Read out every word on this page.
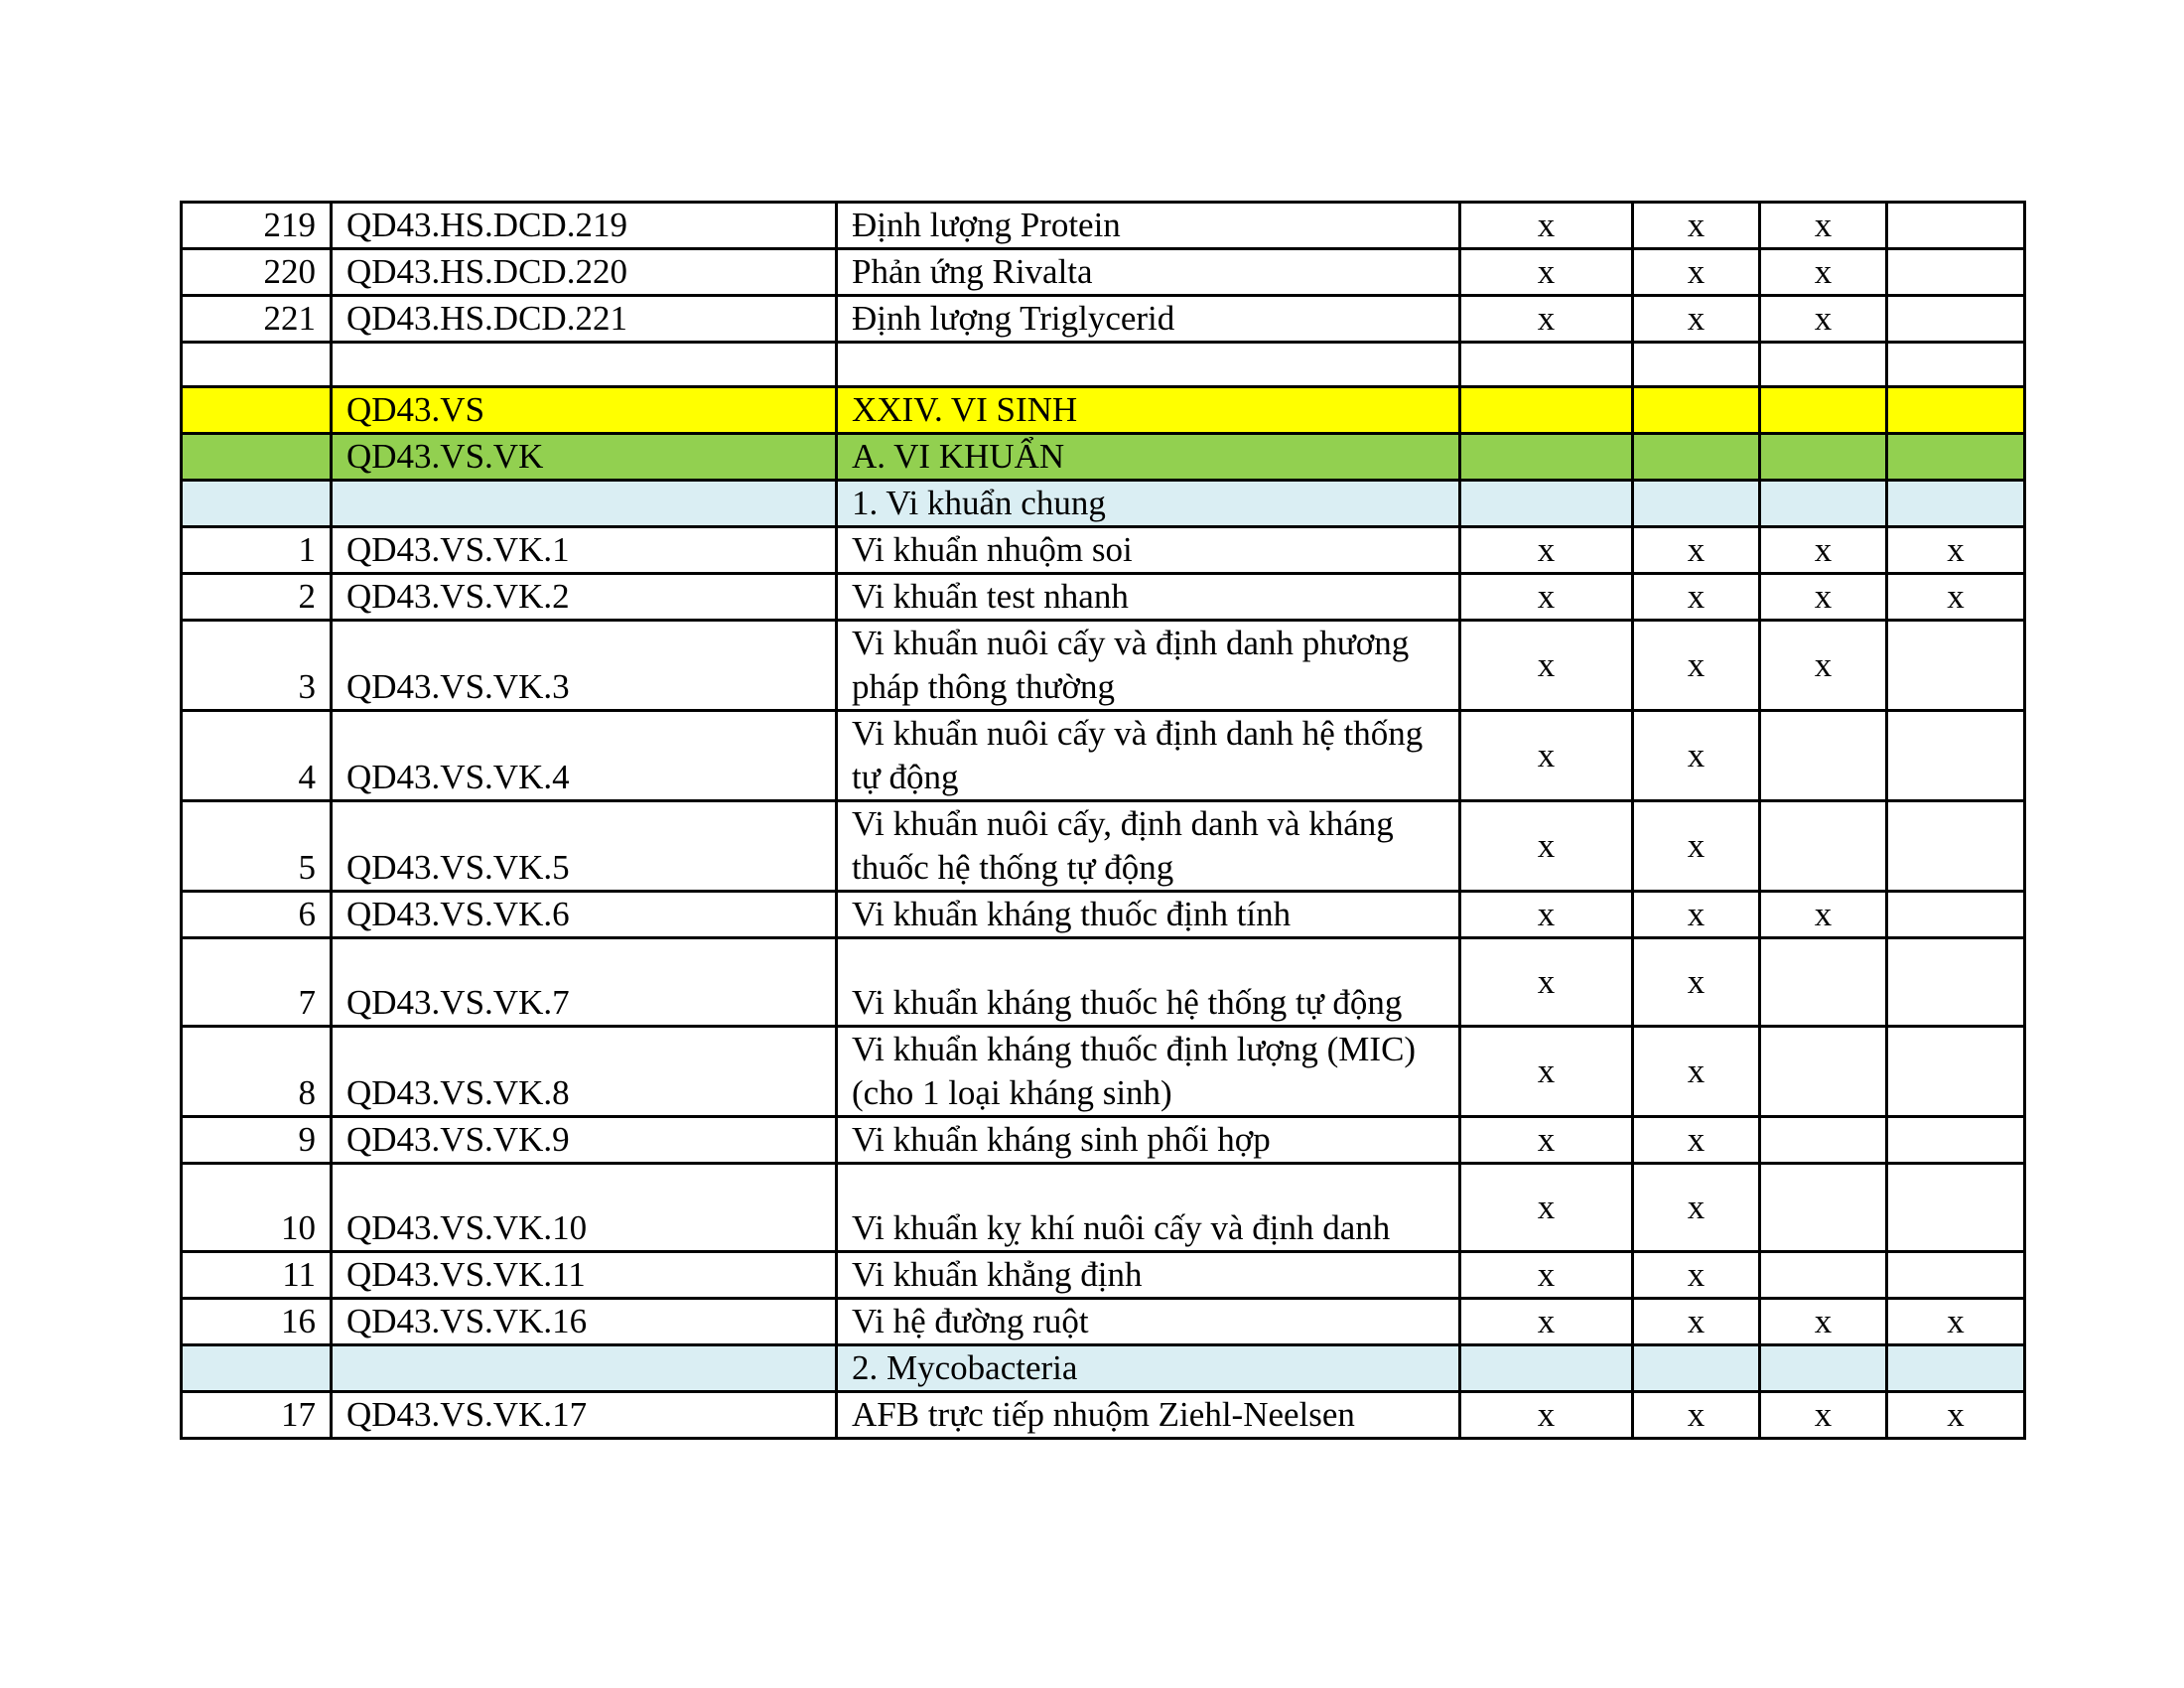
219	QD43.HS.DCD.219	Định lượng Protein	x	x	x	
220	QD43.HS.DCD.220	Phản ứng Rivalta	x	x	x	
221	QD43.HS.DCD.221	Định lượng Triglycerid	x	x	x	

	QD43.VS	XXIV. VI SINH				
	QD43.VS.VK	A. VI KHUẨN				
		1. Vi khuẩn chung				
1	QD43.VS.VK.1	Vi khuẩn nhuộm soi	x	x	x	x
2	QD43.VS.VK.2	Vi khuẩn test nhanh	x	x	x	x
3	QD43.VS.VK.3	Vi khuẩn nuôi cấy và định danh phương pháp thông thường	x	x	x	
4	QD43.VS.VK.4	Vi khuẩn nuôi cấy và định danh hệ thống tự động	x	x		
5	QD43.VS.VK.5	Vi khuẩn nuôi cấy, định danh và kháng thuốc hệ thống tự động	x	x		
6	QD43.VS.VK.6	Vi khuẩn kháng thuốc định tính	x	x	x	
7	QD43.VS.VK.7	Vi khuẩn kháng thuốc hệ thống tự động	x	x		
8	QD43.VS.VK.8	Vi khuẩn kháng thuốc định lượng (MIC) (cho 1 loại kháng sinh)	x	x		
9	QD43.VS.VK.9	Vi khuẩn kháng sinh phối hợp	x	x		
10	QD43.VS.VK.10	Vi khuẩn kỵ khí nuôi cấy và định danh	x	x		
11	QD43.VS.VK.11	Vi khuẩn khẳng định	x	x		
16	QD43.VS.VK.16	Vi hệ đường ruột	x	x	x	x
		2. Mycobacteria				
17	QD43.VS.VK.17	AFB trực tiếp nhuộm Ziehl-Neelsen	x	x	x	x
